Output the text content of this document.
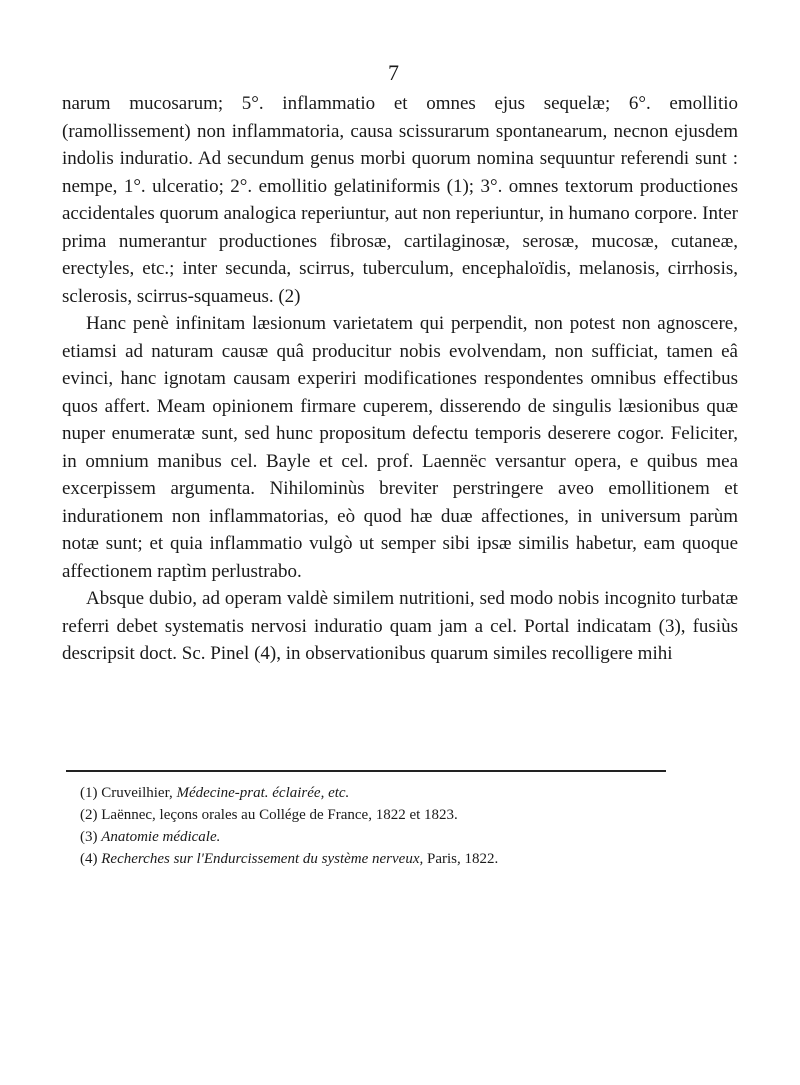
7

narum mucosarum; 5°. inflammatio et omnes ejus sequelæ; 6°. emollitio (ramollissement) non inflammatoria, causa scissurarum spontanearum, necnon ejusdem indolis induratio. Ad secundum genus morbi quorum nomina sequuntur referendi sunt : nempe, 1°. ulceratio; 2°. emollitio gelatiniformis (1); 3°. omnes textorum productiones accidentales quorum analogica reperiuntur, aut non reperiuntur, in humano corpore. Inter prima numerantur productiones fibrosæ, cartilaginosæ, serosæ, mucosæ, cutaneæ, erectyles, etc.; inter secunda, scirrus, tuberculum, encephaloïdis, melanosis, cirrhosis, sclerosis, scirrus-squameus. (2)

Hanc penè infinitam læsionum varietatem qui perpendit, non potest non agnoscere, etiamsi ad naturam causæ quâ producitur nobis evolvendam, non sufficiat, tamen eâ evinci, hanc ignotam causam experiri modificationes respondentes omnibus effectibus quos affert. Meam opinionem firmare cuperem, disserendo de singulis læsionibus quæ nuper enumeratæ sunt, sed hunc propositum defectu temporis deserere cogor. Feliciter, in omnium manibus cel. Bayle et cel. prof. Laennëc versantur opera, e quibus mea excerpissem argumenta. Nihilominùs breviter perstringere aveo emollitionem et indurationem non inflammatorias, eò quod hæ duæ affectiones, in universum parùm notæ sunt; et quia inflammatio vulgò ut semper sibi ipsæ similis habetur, eam quoque affectionem raptìm perlustrabo.

Absque dubio, ad operam valdè similem nutritioni, sed modo nobis incognito turbatæ referri debet systematis nervosi induratio quam jam a cel. Portal indicatam (3), fusiùs descripsit doct. Sc. Pinel (4), in observationibus quarum similes recolligere mihi

(1) Cruveilhier, Médecine-prat. éclairée, etc.
(2) Laënnec, leçons orales au Collége de France, 1822 et 1823.
(3) Anatomie médicale.
(4) Recherches sur l'Endurcissement du système nerveux, Paris, 1822.
